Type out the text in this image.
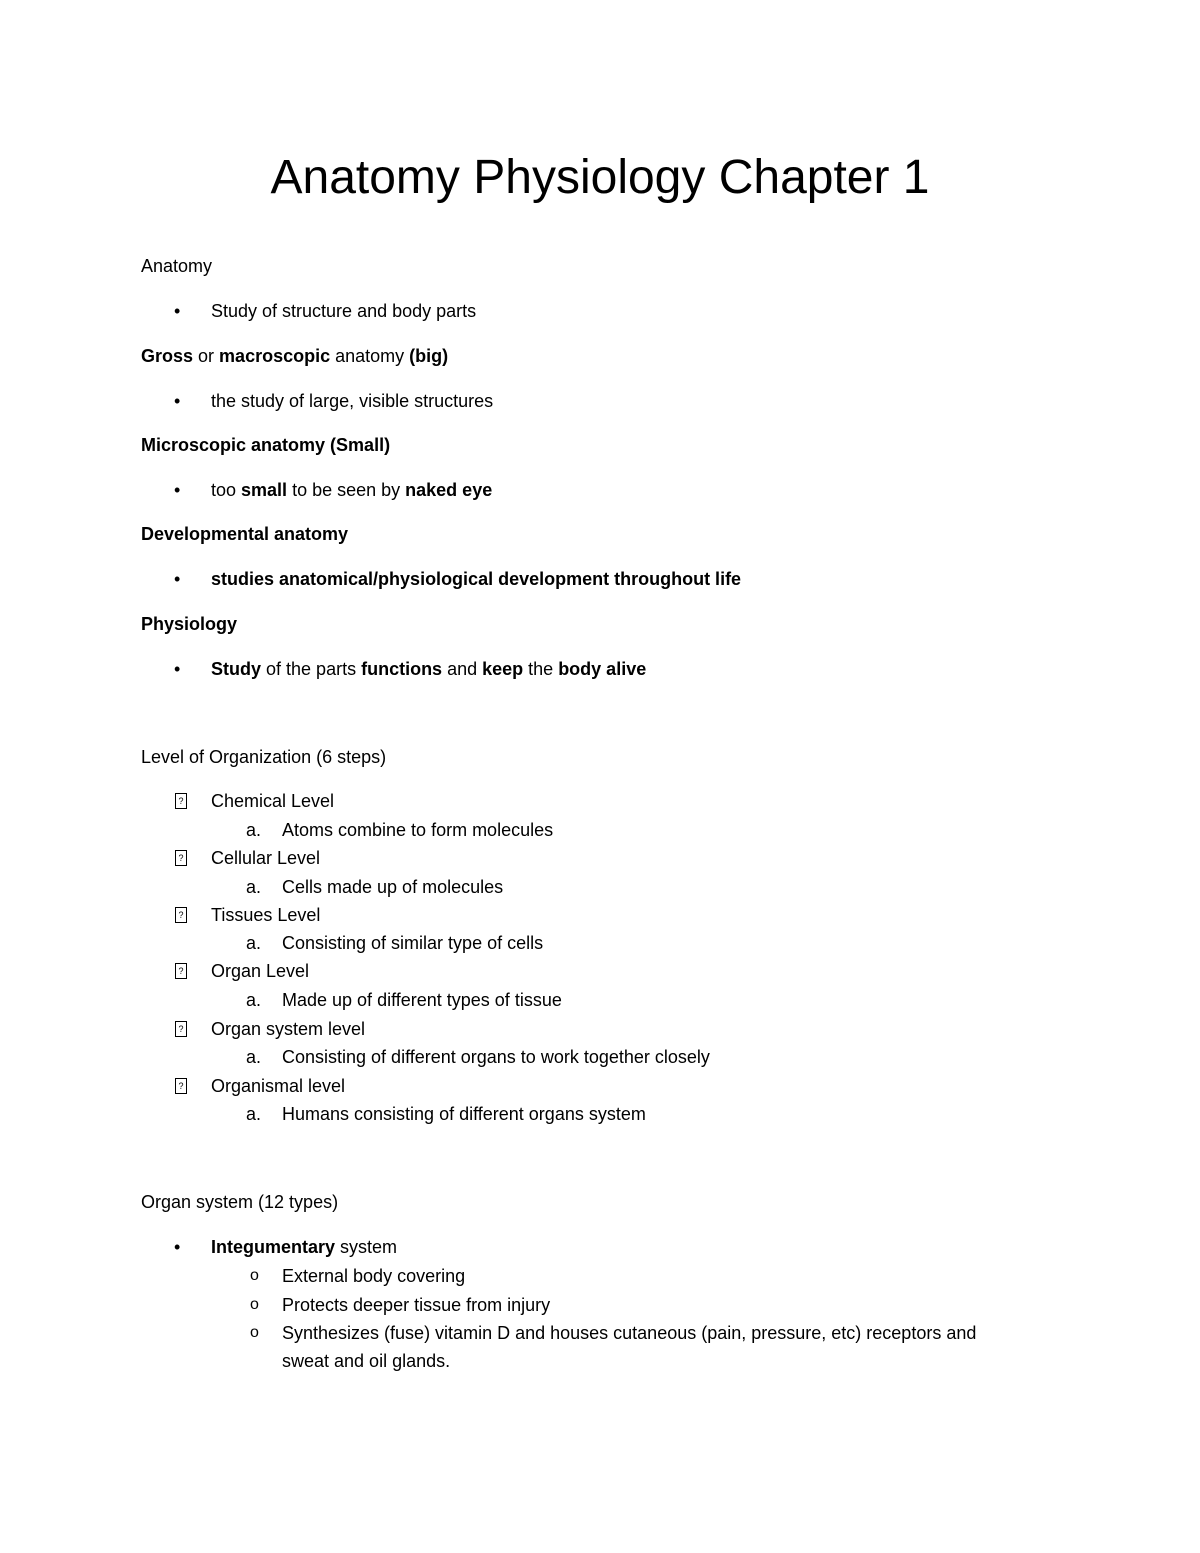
Anatomy Physiology Chapter 1
Anatomy
• Study of structure and body parts
Gross or macroscopic anatomy (big)
• the study of large, visible structures
Microscopic anatomy (Small)
• too small to be seen by naked eye
Developmental anatomy
• studies anatomical/physiological development throughout life
Physiology
• Study of the parts functions and keep the body alive
Level of Organization (6 steps)
? Chemical Level
a. Atoms combine to form molecules
? Cellular Level
a. Cells made up of molecules
? Tissues Level
a. Consisting of similar type of cells
? Organ Level
a. Made up of different types of tissue
? Organ system level
a. Consisting of different organs to work together closely
? Organismal level
a. Humans consisting of different organs system
Organ system (12 types)
• Integumentary system
o External body covering
o Protects deeper tissue from injury
o Synthesizes (fuse) vitamin D and houses cutaneous (pain, pressure, etc) receptors and
sweat and oil glands.
